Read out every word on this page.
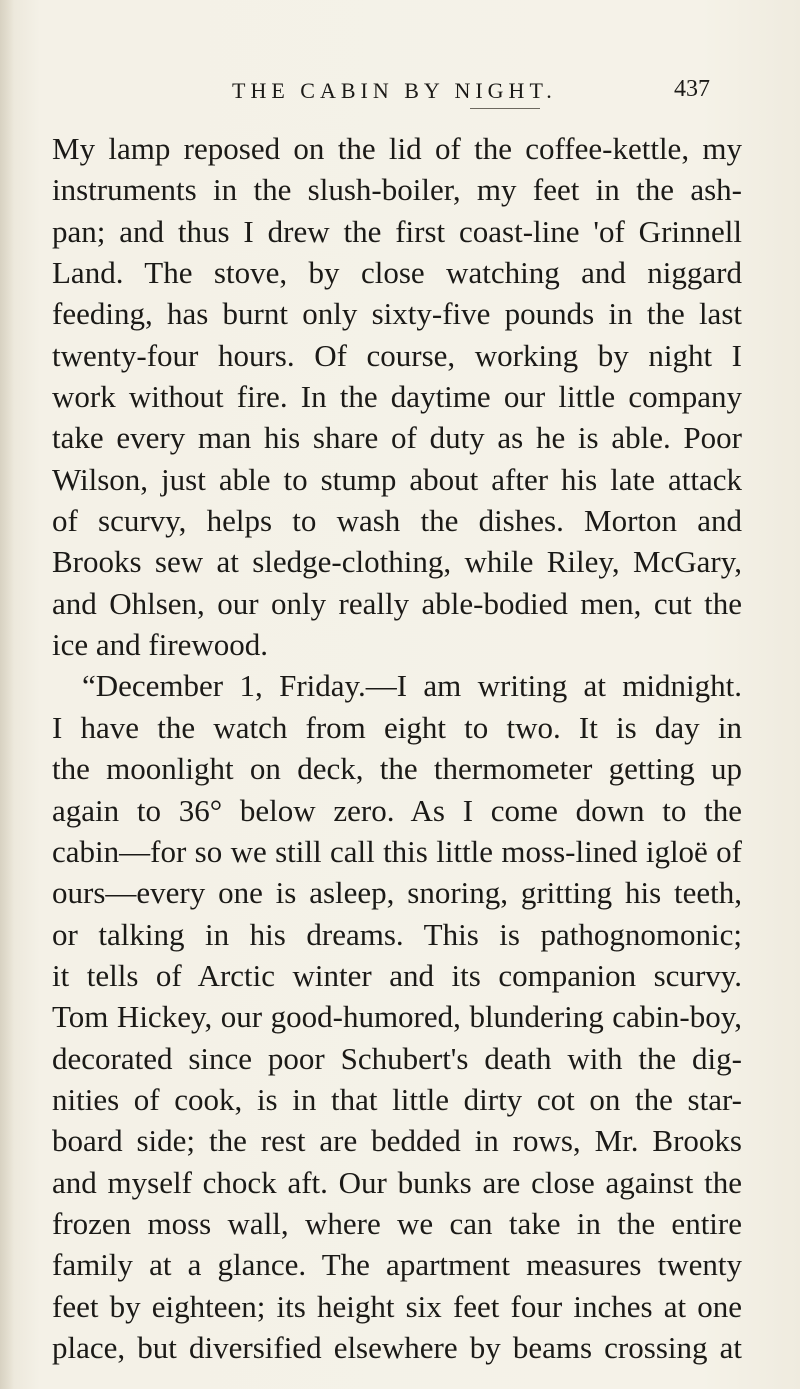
THE CABIN BY NIGHT.	437
My lamp reposed on the lid of the coffee-kettle, my
instruments in the slush-boiler, my feet in the ash-
pan; and thus I drew the first coast-line 'of Grinnell
Land. The stove, by close watching and niggard
feeding, has burnt only sixty-five pounds in the last
twenty-four hours. Of course, working by night I
work without fire. In the daytime our little company
take every man his share of duty as he is able. Poor
Wilson, just able to stump about after his late attack
of scurvy, helps to wash the dishes. Morton and
Brooks sew at sledge-clothing, while Riley, McGary,
and Ohlsen, our only really able-bodied men, cut the
ice and firewood.
“December 1, Friday.—I am writing at midnight.
I have the watch from eight to two. It is day in
the moonlight on deck, the thermometer getting up
again to 36° below zero. As I come down to the
cabin—for so we still call this little moss-lined igloë of
ours—every one is asleep, snoring, gritting his teeth,
or talking in his dreams. This is pathognomonic;
it tells of Arctic winter and its companion scurvy.
Tom Hickey, our good-humored, blundering cabin-boy,
decorated since poor Schubert's death with the dig-
nities of cook, is in that little dirty cot on the star-
board side; the rest are bedded in rows, Mr. Brooks
and myself chock aft. Our bunks are close against the
frozen moss wall, where we can take in the entire
family at a glance. The apartment measures twenty
feet by eighteen; its height six feet four inches at one
place, but diversified elsewhere by beams crossing at
